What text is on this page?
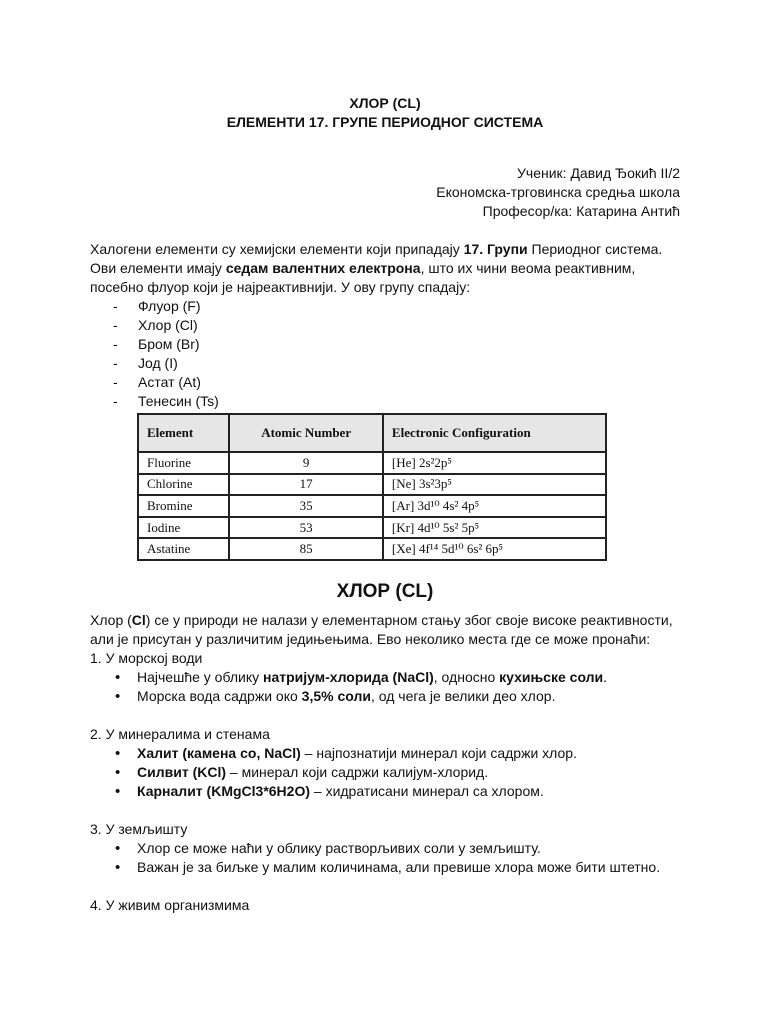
ХЛОР (CL)
ЕЛЕМЕНТИ 17. ГРУПЕ ПЕРИОДНОГ СИСТЕМА
Ученик: Давид Ђокић II/2
Економска-трговинска средња школа
Професор/ка: Катарина Антић

Халогени елементи су хемијски елементи који припадају 17. Групи Периодног система. Ови елементи имају седам валентних електрона, што их чини веома реактивним, посебно флуор који је најреактивнији. У ову групу спадају:

- Флуор (F)
- Хлор (Cl)
- Бром (Br)
- Јод (I)
- Астат (At)
- Тенесин (Ts)
Element	Atomic Number	Electronic Configuration
Fluorine	9	[He] 2s²2p⁵
Chlorine	17	[Ne] 3s²3p⁵
Bromine	35	[Ar] 3d¹⁰ 4s² 4p⁵
Iodine	53	[Kr] 4d¹⁰ 5s² 5p⁵
Astatine	85	[Xe] 4f¹⁴ 5d¹⁰ 6s² 6p⁵
ХЛОР (CL)

Хлор (Cl) се у природи не налази у елементарном стању због своје високе реактивности, али је присутан у различитим једињењима. Ево неколико места где се може пронаћи:

1. У морској води

• Најчешће у облику натријум-хлорида (NaCl), односно кухињске соли.
• Морска вода садржи око 3,5% соли, од чега је велики део хлор.

2. У минералима и стенама

• Халит (камена со, NaCl) – најпознатији минерал који садржи хлор.
• Силвит (KCl) – минерал који садржи калијум-хлорид.
• Карналит (KMgCl3*6H2O) – хидратисани минерал са хлором.

3. У земљишту

• Хлор се може наћи у облику растворљивих соли у земљишту.
• Важан је за биљке у малим количинама, али превише хлора може бити штетно.

4. У живим организмима
